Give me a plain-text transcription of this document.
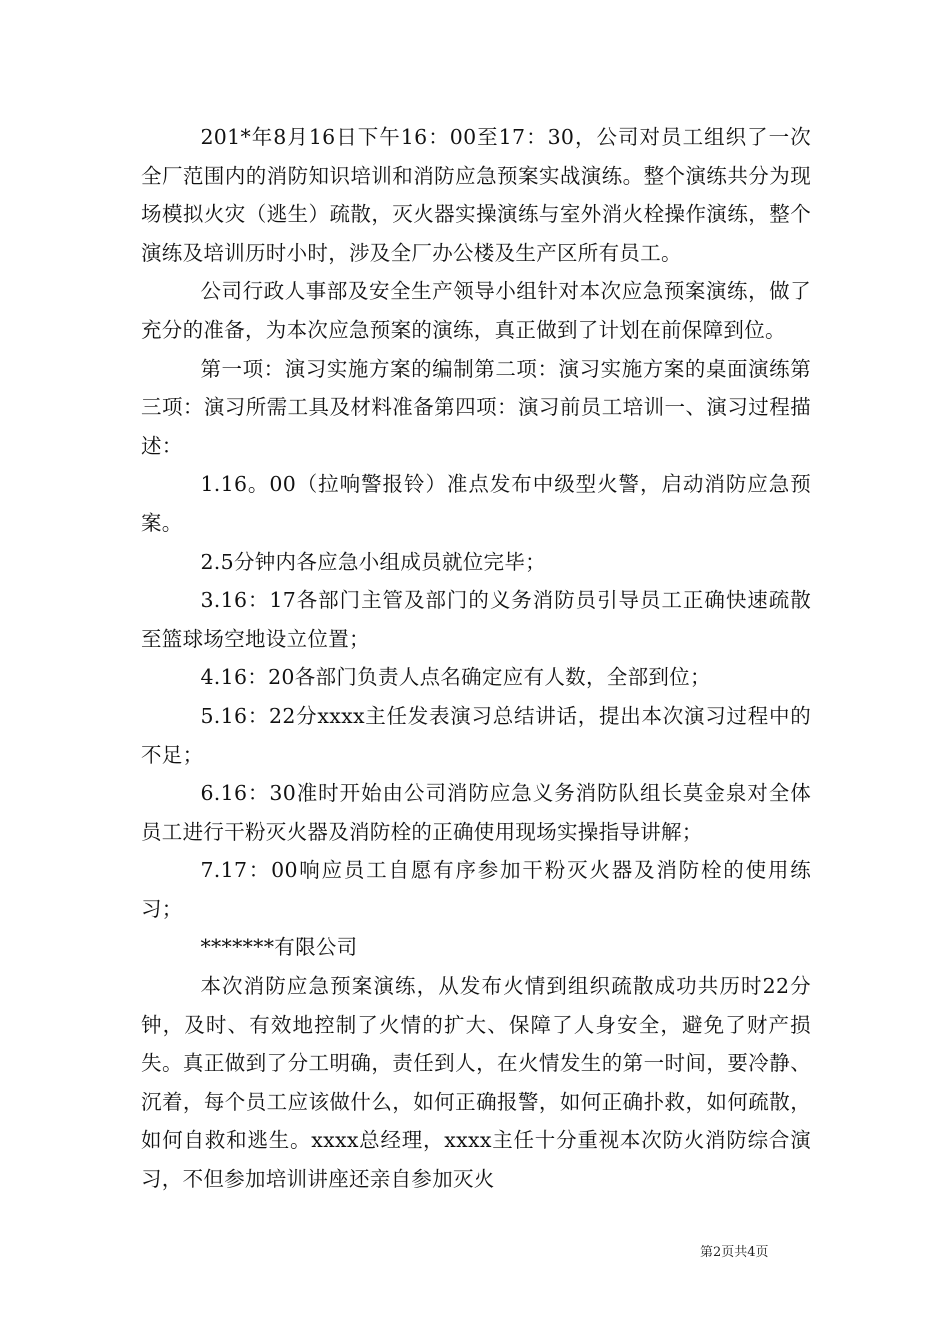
201*年8月16日下午16：00至17：30，公司对员工组织了一次全厂范围内的消防知识培训和消防应急预案实战演练。整个演练共分为现场模拟火灾（逃生）疏散，灭火器实操演练与室外消火栓操作演练，整个演练及培训历时小时，涉及全厂办公楼及生产区所有员工。

公司行政人事部及安全生产领导小组针对本次应急预案演练，做了充分的准备，为本次应急预案的演练，真正做到了计划在前保障到位。

第一项：演习实施方案的编制第二项：演习实施方案的桌面演练第三项：演习所需工具及材料准备第四项：演习前员工培训一、演习过程描述：

1.16。00（拉响警报铃）准点发布中级型火警，启动消防应急预案。

2.5分钟内各应急小组成员就位完毕；

3.16：17各部门主管及部门的义务消防员引导员工正确快速疏散至篮球场空地设立位置；

4.16：20各部门负责人点名确定应有人数，全部到位；

5.16：22分xxxx主任发表演习总结讲话，提出本次演习过程中的不足；

6.16：30准时开始由公司消防应急义务消防队组长莫金泉对全体员工进行干粉灭火器及消防栓的正确使用现场实操指导讲解；

7.17：00响应员工自愿有序参加干粉灭火器及消防栓的使用练习；

*******有限公司

本次消防应急预案演练，从发布火情到组织疏散成功共历时22分钟，及时、有效地控制了火情的扩大、保障了人身安全，避免了财产损失。真正做到了分工明确，责任到人，在火情发生的第一时间，要冷静、沉着，每个员工应该做什么，如何正确报警，如何正确扑救，如何疏散，如何自救和逃生。xxxx总经理，xxxx主任十分重视本次防火消防综合演习，不但参加培训讲座还亲自参加灭火

第2页共4页
